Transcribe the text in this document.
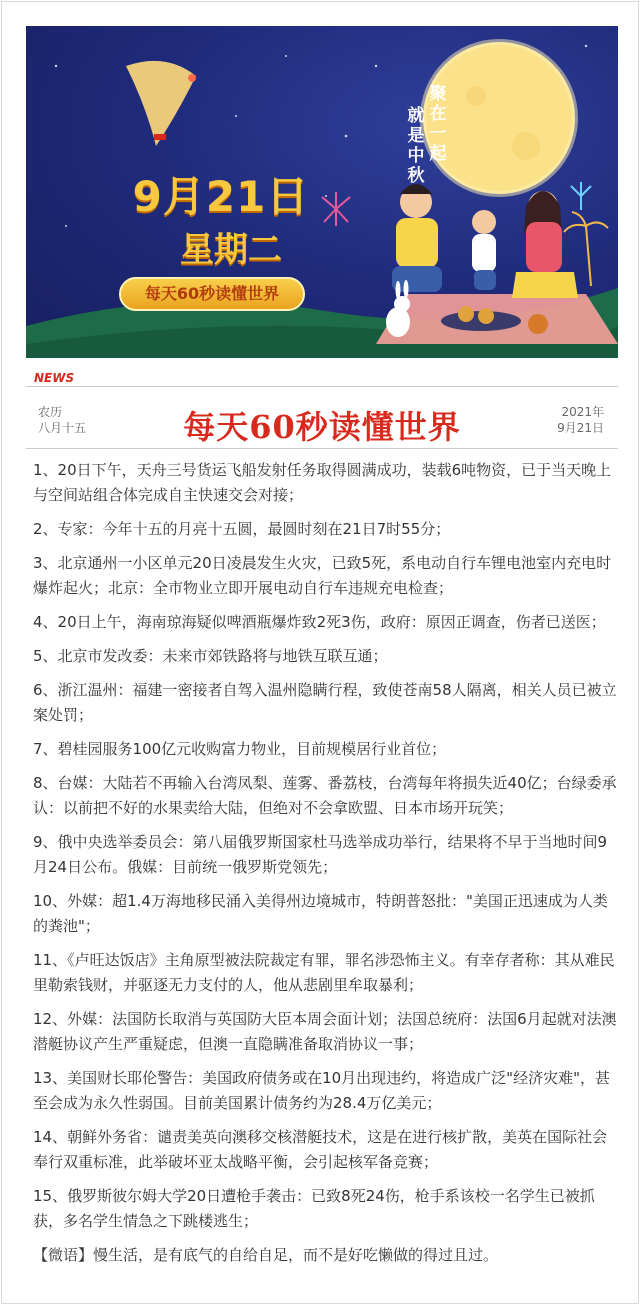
9月21日
星期二
每天60秒读懂世界
聚在一起
就是中秋
NEWS
农历
八月十五	每天60秒读懂世界	2021年
9月21日

1、20日下午，天舟三号货运飞船发射任务取得圆满成功，装载6吨物资，已于当天晚上与空间站组合体完成自主快速交会对接；

2、专家：今年十五的月亮十五圆，最圆时刻在21日7时55分；

3、北京通州一小区单元20日凌晨发生火灾，已致5死，系电动自行车锂电池室内充电时爆炸起火；北京：全市物业立即开展电动自行车违规充电检查；

4、20日上午，海南琼海疑似啤酒瓶爆炸致2死3伤，政府：原因正调查，伤者已送医；

5、北京市发改委：未来市郊铁路将与地铁互联互通；

6、浙江温州：福建一密接者自驾入温州隐瞒行程，致使苍南58人隔离，相关人员已被立案处罚；

7、碧桂园服务100亿元收购富力物业，目前规模居行业首位；

8、台媒：大陆若不再输入台湾凤梨、莲雾、番荔枝，台湾每年将损失近40亿；台绿委承认：以前把不好的水果卖给大陆，但绝对不会拿欧盟、日本市场开玩笑；

9、俄中央选举委员会：第八届俄罗斯国家杜马选举成功举行，结果将不早于当地时间9月24日公布。俄媒：目前统一俄罗斯党领先；

10、外媒：超1.4万海地移民涌入美得州边境城市，特朗普怒批："美国正迅速成为人类的粪池"；

11、《卢旺达饭店》主角原型被法院裁定有罪，罪名涉恐怖主义。有幸存者称：其从难民里勒索钱财，并驱逐无力支付的人，他从悲剧里牟取暴利；

12、外媒：法国防长取消与英国防大臣本周会面计划；法国总统府：法国6月起就对法澳潜艇协议产生严重疑虑，但澳一直隐瞒准备取消协议一事；

13、美国财长耶伦警告：美国政府债务或在10月出现违约，将造成广泛"经济灾难"，甚至会成为永久性弱国。目前美国累计债务约为28.4万亿美元；

14、朝鲜外务省：谴责美英向澳移交核潜艇技术，这是在进行核扩散，美英在国际社会奉行双重标准，此举破坏亚太战略平衡，会引起核军备竞赛；

15、俄罗斯彼尔姆大学20日遭枪手袭击：已致8死24伤，枪手系该校一名学生已被抓获，多名学生情急之下跳楼逃生；

【微语】慢生活，是有底气的自给自足，而不是好吃懒做的得过且过。
